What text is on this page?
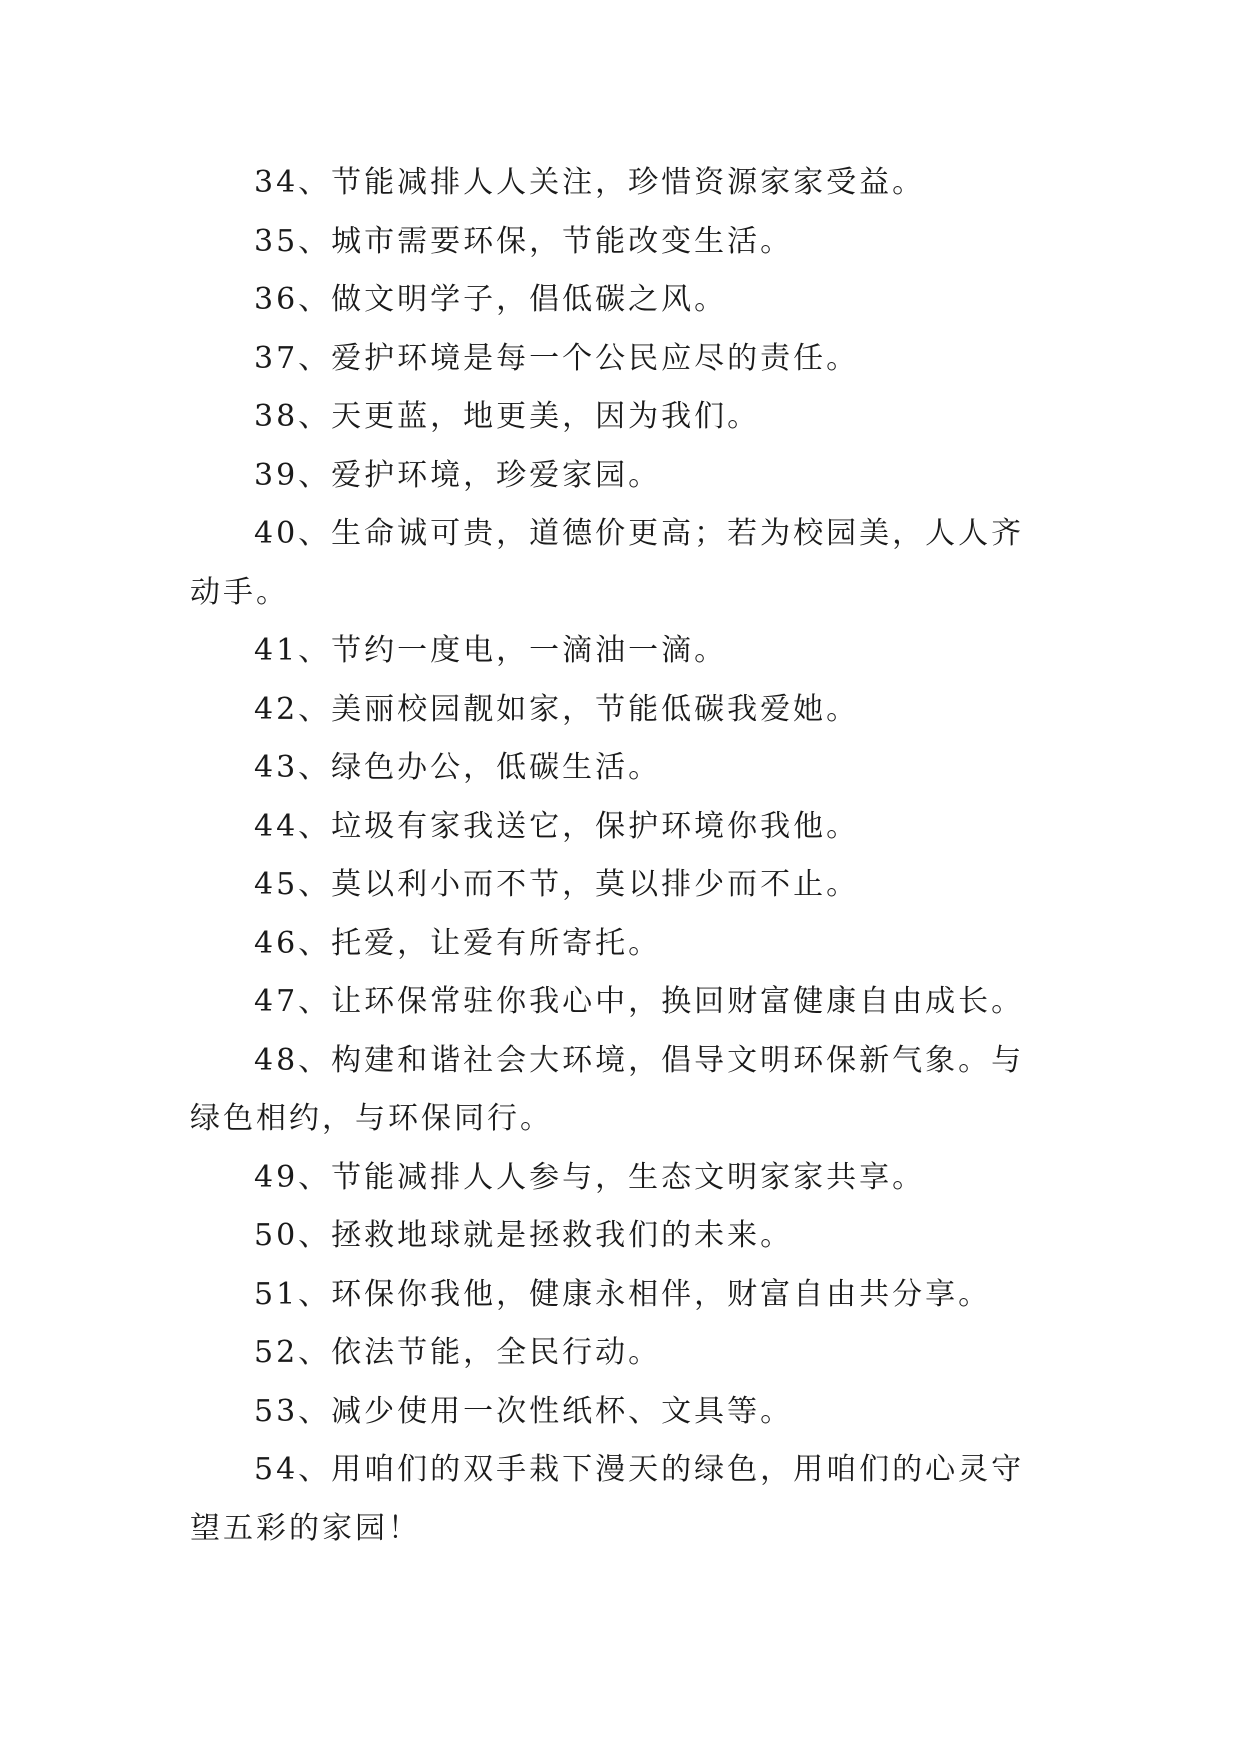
34、节能减排人人关注，珍惜资源家家受益。

35、城市需要环保，节能改变生活。

36、做文明学子，倡低碳之风。

37、爱护环境是每一个公民应尽的责任。

38、天更蓝，地更美，因为我们。

39、爱护环境，珍爱家园。

40、生命诚可贵，道德价更高；若为校园美，人人齐动手。

41、节约一度电，一滴油一滴。

42、美丽校园靓如家，节能低碳我爱她。

43、绿色办公，低碳生活。

44、垃圾有家我送它，保护环境你我他。

45、莫以利小而不节，莫以排少而不止。

46、托爱，让爱有所寄托。

47、让环保常驻你我心中，换回财富健康自由成长。

48、构建和谐社会大环境，倡导文明环保新气象。与绿色相约，与环保同行。

49、节能减排人人参与，生态文明家家共享。

50、拯救地球就是拯救我们的未来。

51、环保你我他，健康永相伴，财富自由共分享。

52、依法节能，全民行动。

53、减少使用一次性纸杯、文具等。

54、用咱们的双手栽下漫天的绿色，用咱们的心灵守望五彩的家园！
